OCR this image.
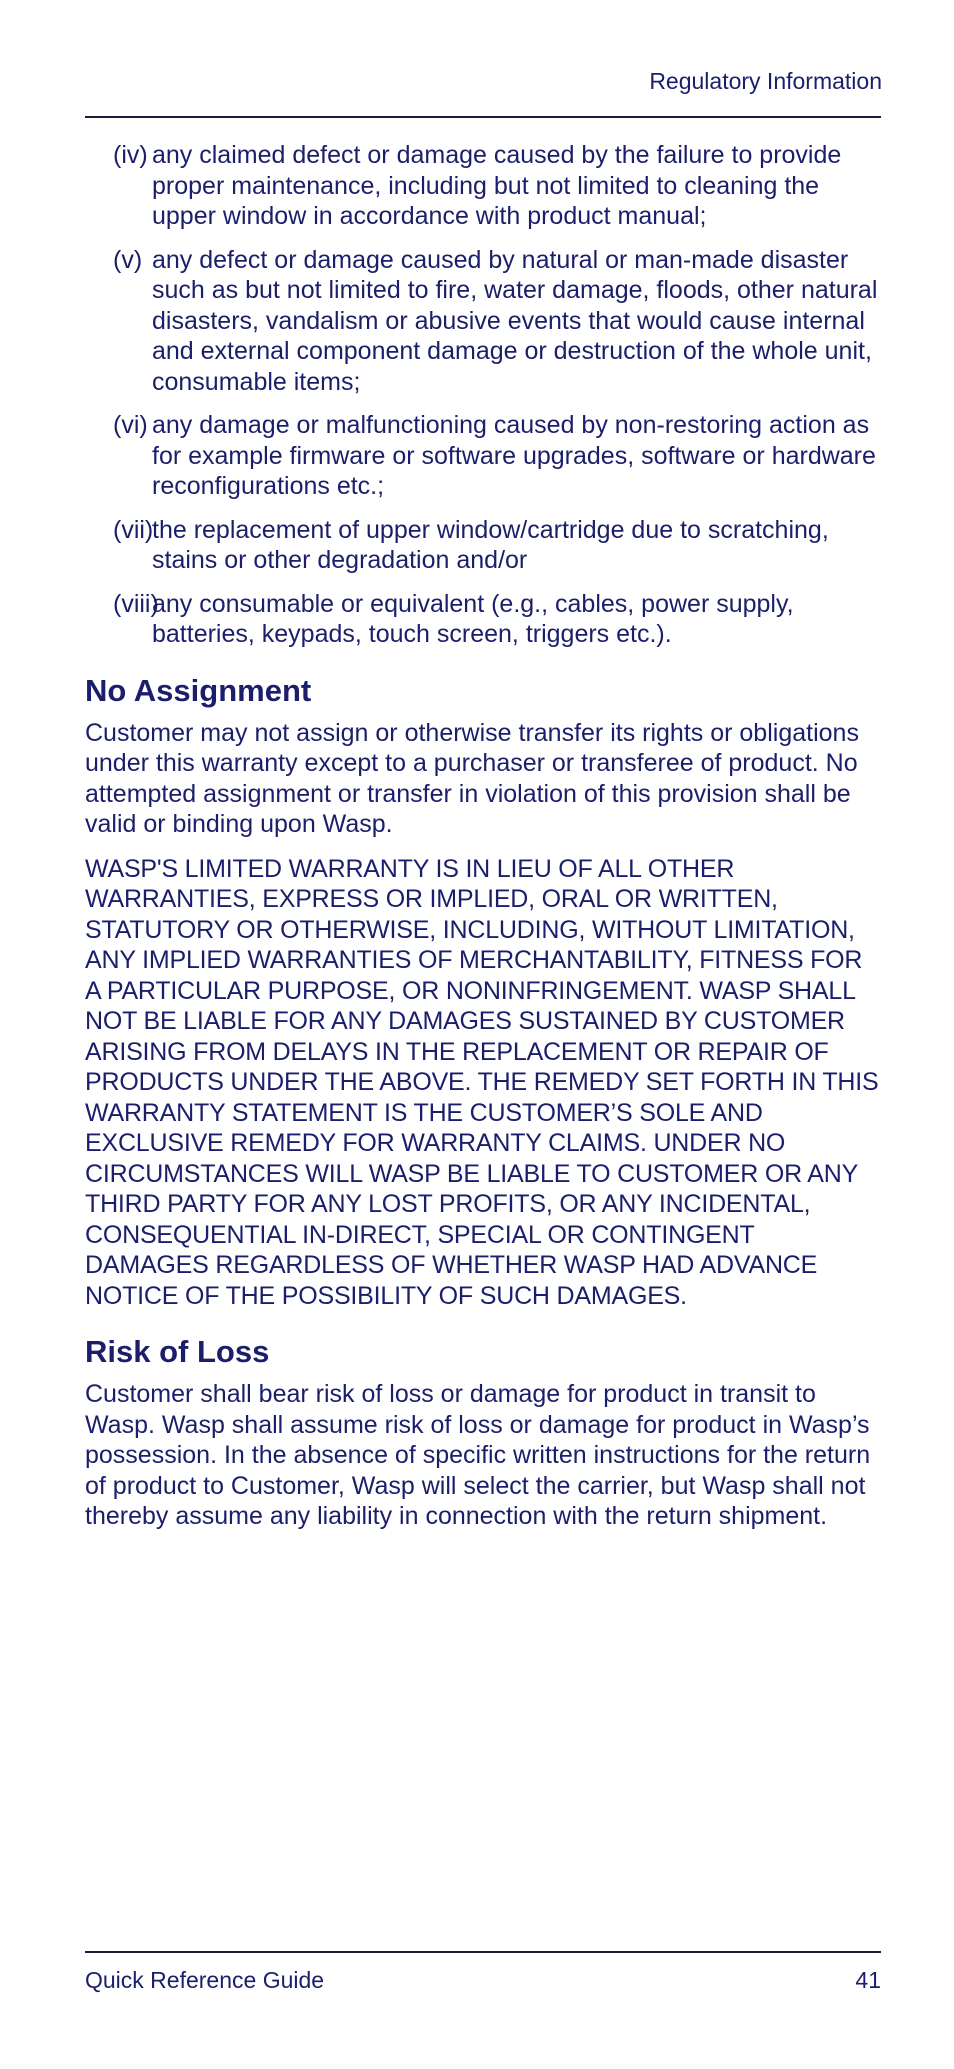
Regulatory Information
(iv) any claimed defect or damage caused by the failure to provide proper maintenance, including but not limited to cleaning the upper window in accordance with product manual;
(v) any defect or damage caused by natural or man-made disaster such as but not limited to fire, water damage, floods, other natural disasters, vandalism or abusive events that would cause internal and external component damage or destruction of the whole unit, consumable items;
(vi) any damage or malfunctioning caused by non-restoring action as for example firmware or software upgrades, software or hardware reconfigurations etc.;
(vii)
the replacement of upper window/cartridge due to scratching, stains or other degradation and/or
(viii)
any consumable or equivalent (e.g., cables, power supply, batteries, keypads, touch screen, triggers etc.).
No Assignment

Customer may not assign or otherwise transfer its rights or obligations under this warranty except to a purchaser or transferee of product. No attempted assignment or transfer in violation of this provision shall be valid or binding upon Wasp.

WASP'S LIMITED WARRANTY IS IN LIEU OF ALL OTHER WARRANTIES, EXPRESS OR IMPLIED, ORAL OR WRITTEN, STATUTORY OR OTHERWISE, INCLUDING, WITHOUT LIMITATION, ANY IMPLIED WARRANTIES OF MERCHANTABILITY, FITNESS FOR A PARTICULAR PURPOSE, OR NONINFRINGEMENT. WASP SHALL NOT BE LIABLE FOR ANY DAMAGES SUSTAINED BY CUSTOMER ARISING FROM DELAYS IN THE REPLACEMENT OR REPAIR OF PRODUCTS UNDER THE ABOVE. THE REMEDY SET FORTH IN THIS WARRANTY STATEMENT IS THE CUSTOMER’S SOLE AND EXCLUSIVE REMEDY FOR WARRANTY CLAIMS. UNDER NO CIRCUMSTANCES WILL WASP BE LIABLE TO CUSTOMER OR ANY THIRD PARTY FOR ANY LOST PROFITS, OR ANY INCIDENTAL, CONSEQUENTIAL IN-DIRECT, SPECIAL OR CONTINGENT DAMAGES REGARDLESS OF WHETHER WASP HAD ADVANCE NOTICE OF THE POSSIBILITY OF SUCH DAMAGES.

Risk of Loss

Customer shall bear risk of loss or damage for product in transit to Wasp. Wasp shall assume risk of loss or damage for product in Wasp’s possession. In the absence of specific written instructions for the return of product to Customer, Wasp will select the carrier, but Wasp shall not thereby assume any liability in connection with the return shipment.

Quick Reference Guide	41
